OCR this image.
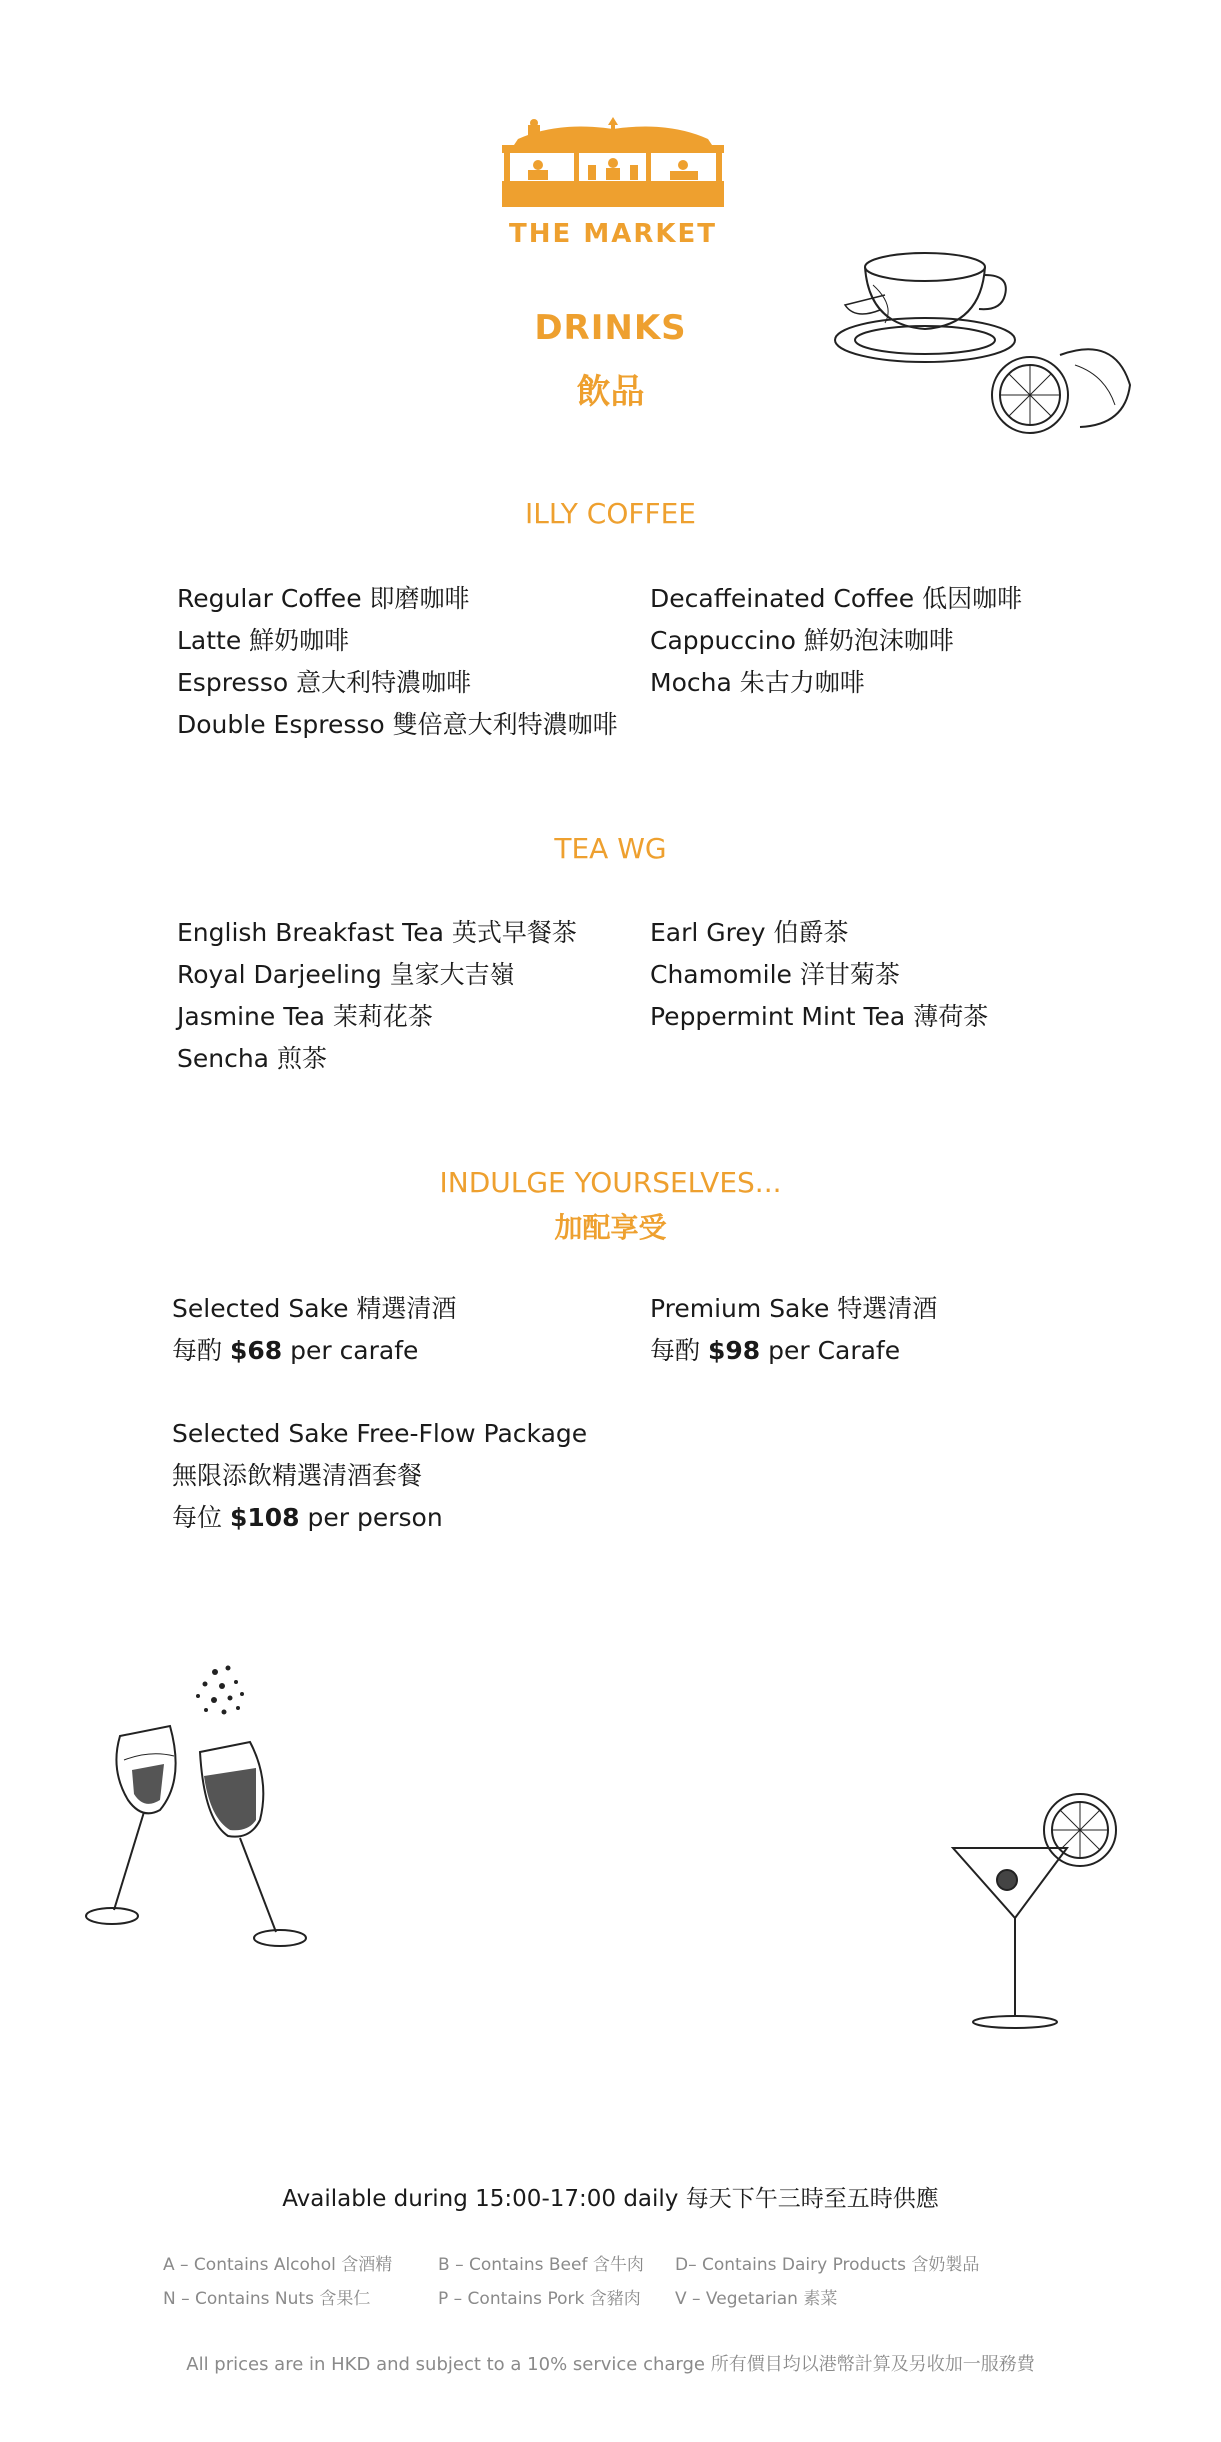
THE MARKET
DRINKS
飲品
ILLY COFFEE
Regular Coffee 即磨咖啡
Latte 鮮奶咖啡
Espresso 意大利特濃咖啡
Double Espresso 雙倍意大利特濃咖啡
Decaffeinated Coffee 低因咖啡
Cappuccino 鮮奶泡沫咖啡
Mocha 朱古力咖啡
TEA WG
English Breakfast Tea 英式早餐茶
Royal Darjeeling 皇家大吉嶺
Jasmine Tea 茉莉花茶
Sencha 煎茶
Earl Grey 伯爵茶
Chamomile 洋甘菊茶
Peppermint Mint Tea 薄荷茶
INDULGE YOURSELVES...
加配享受
Selected Sake 精選清酒
每酌 $68 per carafe
Premium Sake 特選清酒
每酌 $98 per Carafe
Selected Sake Free-Flow Package
無限添飲精選清酒套餐
每位 $108 per person
Available during 15:00-17:00 daily 每天下午三時至五時供應
A – Contains Alcohol 含酒精	B – Contains Beef 含牛肉 D– Contains Dairy Products 含奶製品
N – Contains Nuts 含果仁	P – Contains Pork 含豬肉 V – Vegetarian 素菜
All prices are in HKD and subject to a 10% service charge 所有價目均以港幣計算及另收加一服務費
